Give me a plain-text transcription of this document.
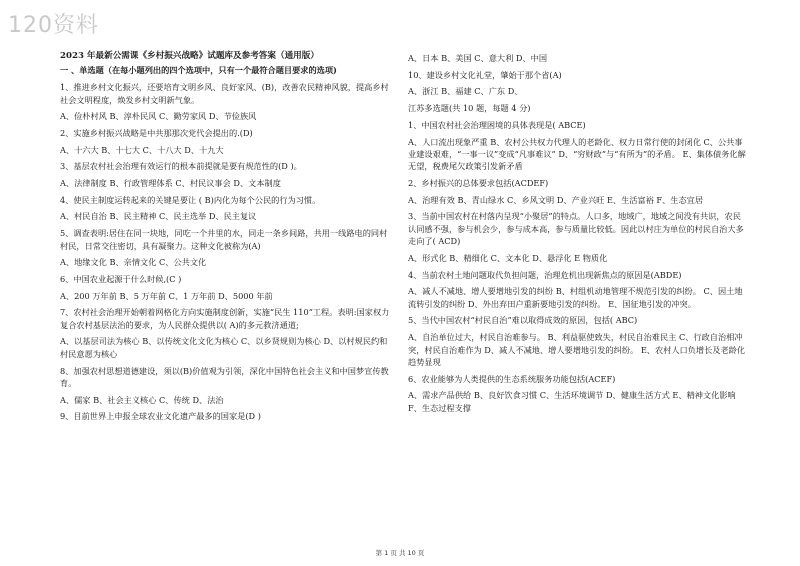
120资料

2023 年最新公需课《乡村振兴战略》试题库及参考答案（通用版）

一 、单选题（在每小题列出的四个选项中，只有一个最符合题目要求的选项)

1、推进乡村文化振兴，还要培育文明乡风、良好家风、(B)，改善农民精神风貌，提高乡村社会文明程度，焕发乡村文明新气象。

A、俭朴村风 B、淳朴民风 C、勤劳家风 D、节俭族风

2、实施乡村振兴战略是中共那那次党代会提出的.(D)

A、十六大 B、十七大 C、十八大 D、十九大

3、基层农村社会治理有效运行的根本前提就是要有规范性的(D )。

A、法律制度 B、行政管理体系 C、村民议事会 D、文本制度

4、使民主制度运转起来的关键是要让 ( B)内化为每个公民的行为习惯。

A、村民自治 B、民主精神 C、民主选举 D、民主复议

5、调查表明:居住在同一块地，同吃一个井里的水，同走一条乡间路，共用一线路电的同村村民，日常交往密切，具有凝聚力。这种文化被称为(A)

A、地缘文化 B、亲情文化 C、公共文化

6、中国农业起源于什么时候,(C )

A、200 万年前 B、5 万年前 C、1 万年前 D、5000 年前

7、农村社会治理开始朝着网格化方向实施制度创新，实施“民生 110”工程。表明:国家权力复合农村基层法治的要求，为人民群众提供以( A)的多元救济通道;

A、以基层司法为核心 B、以传统文化文化为核心 C、以乡贤规则为核心 D、以村规民约和村民意愿为核心

8、加强农村思想道德建设，须以(B)价值观为引领，深化中国特色社会主义和中国梦宣传教育。

A、儒家 B、社会主义核心 C、传统 D、法治

9、目前世界上申报全球农业文化遗产最多的国家是(D )

A、日本 B、美国 C、意大利 D、中国

10、建设乡村文化礼堂，肇始于那个省(A)

A、浙江 B、福建 C、广东 D、

江苏多选题(共 10 题，每题 4 分)

1、中国农村社会治理困境的具体表现是( ABCE)

A、人口流出现象严重 B、农村公共权力代理人的老龄化、权力日常行使的封闭化 C、公共事业建设艰难，“一事一议”变成“凡事难议” D、“穷财政”与“有所为”的矛盾。 E、集体债务化解无望，税费尾欠政策引发新矛盾

2、乡村振兴的总体要求包括(ACDEF)

A、治理有效 B、青山绿水 C、乡风文明 D、产业兴旺 E、生活富裕 F、生态宜居

3、当前中国农村在村落内呈现“小聚居”的特点。人口多，地域广，地域之间没有共识，农民认同感不强，参与机会少，参与成本高，参与质量比较低。因此以村庄为单位的村民自治大多走向了( ACD)

A、形式化 B、精细化 C、文本化 D、悬浮化 E 物质化

4、当前农村土地问题取代负担问题，治理危机出现新焦点的原因是(ABDE)

A、减人不减地、增人要增地引发的纠纷 B、村组机动地管理不规范引发的纠纷。 C、因土地流转引发的纠纷 D、外出弃田户重新要地引发的纠纷。 E、国征地引发的冲突。

5、当代中国农村“村民自治”难以取得成效的原因，包括( ABC)

A、自治单位过大，村民自治难参与。 B、利益驱使致失，村民自治难民主 C、行政自治相冲突，村民自治难作为 D、减人不减地、增人要增地引发的纠纷。 E、农村人口负增长及老龄化趋势显现

6、农业能够为人类提供的生态系统服务功能包括(ACEF)

A、需求产品供给 B、良好饮食习惯 C、生活环境调节 D、健康生活方式 E、精神文化影响 F、生态过程支撑

第 1 页 共 10 页
